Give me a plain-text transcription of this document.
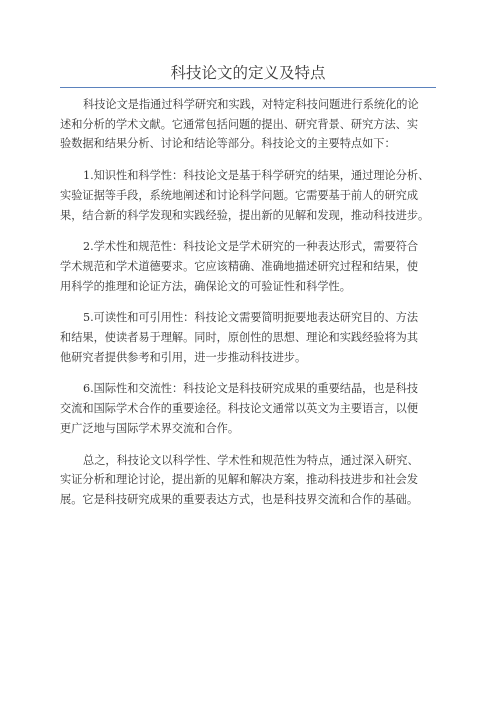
科技论文的定义及特点
科技论文是指通过科学研究和实践，对特定科技问题进行系统化的论
述和分析的学术文献。它通常包括问题的提出、研究背景、研究方法、实
验数据和结果分析、讨论和结论等部分。科技论文的主要特点如下：
1.知识性和科学性：科技论文是基于科学研究的结果，通过理论分析、
实验证据等手段，系统地阐述和讨论科学问题。它需要基于前人的研究成
果，结合新的科学发现和实践经验，提出新的见解和发现，推动科技进步。
2.学术性和规范性：科技论文是学术研究的一种表达形式，需要符合
学术规范和学术道德要求。它应该精确、准确地描述研究过程和结果，使
用科学的推理和论证方法，确保论文的可验证性和科学性。
5.可读性和可引用性：科技论文需要简明扼要地表达研究目的、方法
和结果，使读者易于理解。同时，原创性的思想、理论和实践经验将为其
他研究者提供参考和引用，进一步推动科技进步。
6.国际性和交流性：科技论文是科技研究成果的重要结晶，也是科技
交流和国际学术合作的重要途径。科技论文通常以英文为主要语言，以便
更广泛地与国际学术界交流和合作。
总之，科技论文以科学性、学术性和规范性为特点，通过深入研究、
实证分析和理论讨论，提出新的见解和解决方案，推动科技进步和社会发
展。它是科技研究成果的重要表达方式，也是科技界交流和合作的基础。
